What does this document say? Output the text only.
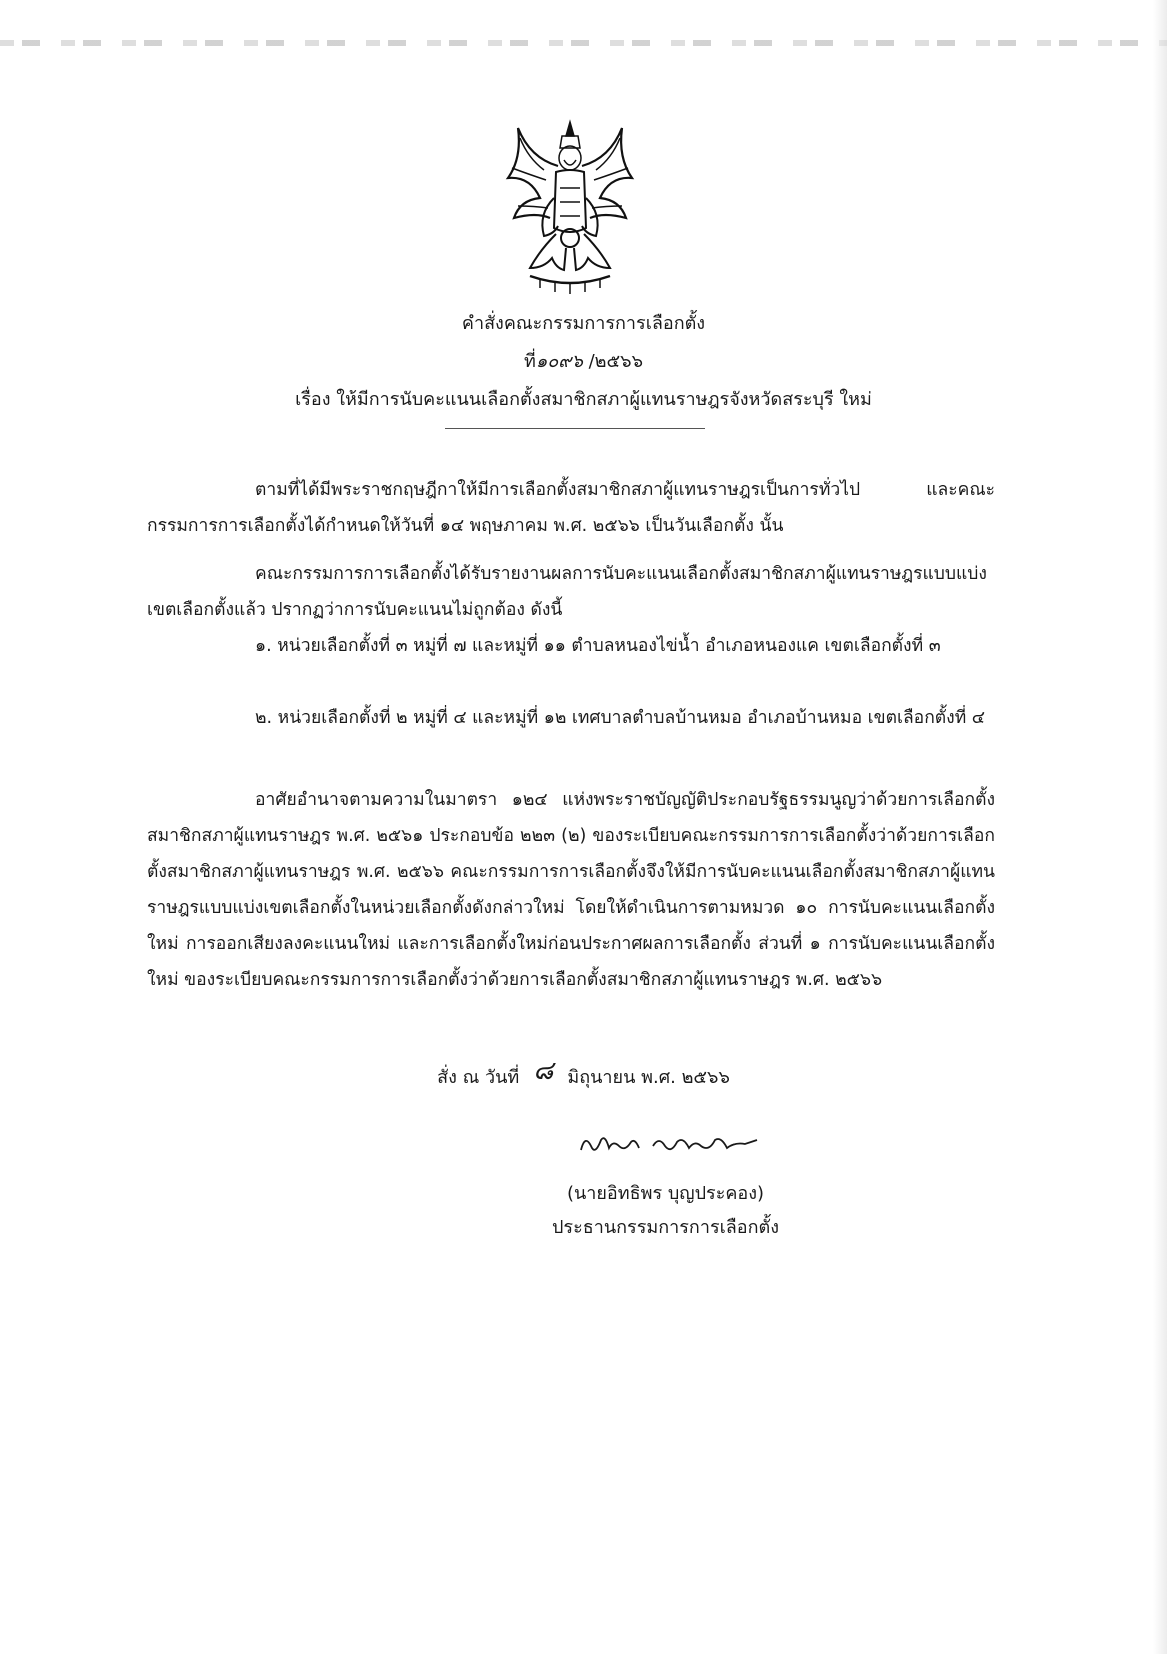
คำสั่งคณะกรรมการการเลือกตั้ง
ที่๑๐๙๖ /๒๕๖๖
เรื่อง ให้มีการนับคะแนนเลือกตั้งสมาชิกสภาผู้แทนราษฎรจังหวัดสระบุรี ใหม่
ตามที่ได้มีพระราชกฤษฎีกาให้มีการเลือกตั้งสมาชิกสภาผู้แทนราษฎรเป็นการทั่วไป และคณะกรรมการการเลือกตั้งได้กำหนดให้วันที่ ๑๔ พฤษภาคม พ.ศ. ๒๕๖๖ เป็นวันเลือกตั้ง นั้น
คณะกรรมการการเลือกตั้งได้รับรายงานผลการนับคะแนนเลือกตั้งสมาชิกสภาผู้แทนราษฎรแบบแบ่งเขตเลือกตั้งแล้ว ปรากฏว่าการนับคะแนนไม่ถูกต้อง ดังนี้
๑. หน่วยเลือกตั้งที่ ๓ หมู่ที่ ๗ และหมู่ที่ ๑๑ ตำบลหนองไข่น้ำ อำเภอหนองแค เขตเลือกตั้งที่ ๓
๒. หน่วยเลือกตั้งที่ ๒ หมู่ที่ ๔ และหมู่ที่ ๑๒ เทศบาลตำบลบ้านหมอ อำเภอบ้านหมอ เขตเลือกตั้งที่ ๔
อาศัยอำนาจตามความในมาตรา ๑๒๔ แห่งพระราชบัญญัติประกอบรัฐธรรมนูญว่าด้วยการเลือกตั้งสมาชิกสภาผู้แทนราษฎร พ.ศ. ๒๕๖๑ ประกอบข้อ ๒๒๓ (๒) ของระเบียบคณะกรรมการการเลือกตั้งว่าด้วยการเลือกตั้งสมาชิกสภาผู้แทนราษฎร พ.ศ. ๒๕๖๖ คณะกรรมการการเลือกตั้งจึงให้มีการนับคะแนนเลือกตั้งสมาชิกสภาผู้แทนราษฎรแบบแบ่งเขตเลือกตั้งในหน่วยเลือกตั้งดังกล่าวใหม่ โดยให้ดำเนินการตามหมวด ๑๐ การนับคะแนนเลือกตั้งใหม่ การออกเสียงลงคะแนนใหม่ และการเลือกตั้งใหม่ก่อนประกาศผลการเลือกตั้ง ส่วนที่ ๑ การนับคะแนนเลือกตั้งใหม่ ของระเบียบคณะกรรมการการเลือกตั้งว่าด้วยการเลือกตั้งสมาชิกสภาผู้แทนราษฎร พ.ศ. ๒๕๖๖
สั่ง ณ วันที่ ๘ มิถุนายน พ.ศ. ๒๕๖๖
(นายอิทธิพร บุญประคอง)
ประธานกรรมการการเลือกตั้ง
